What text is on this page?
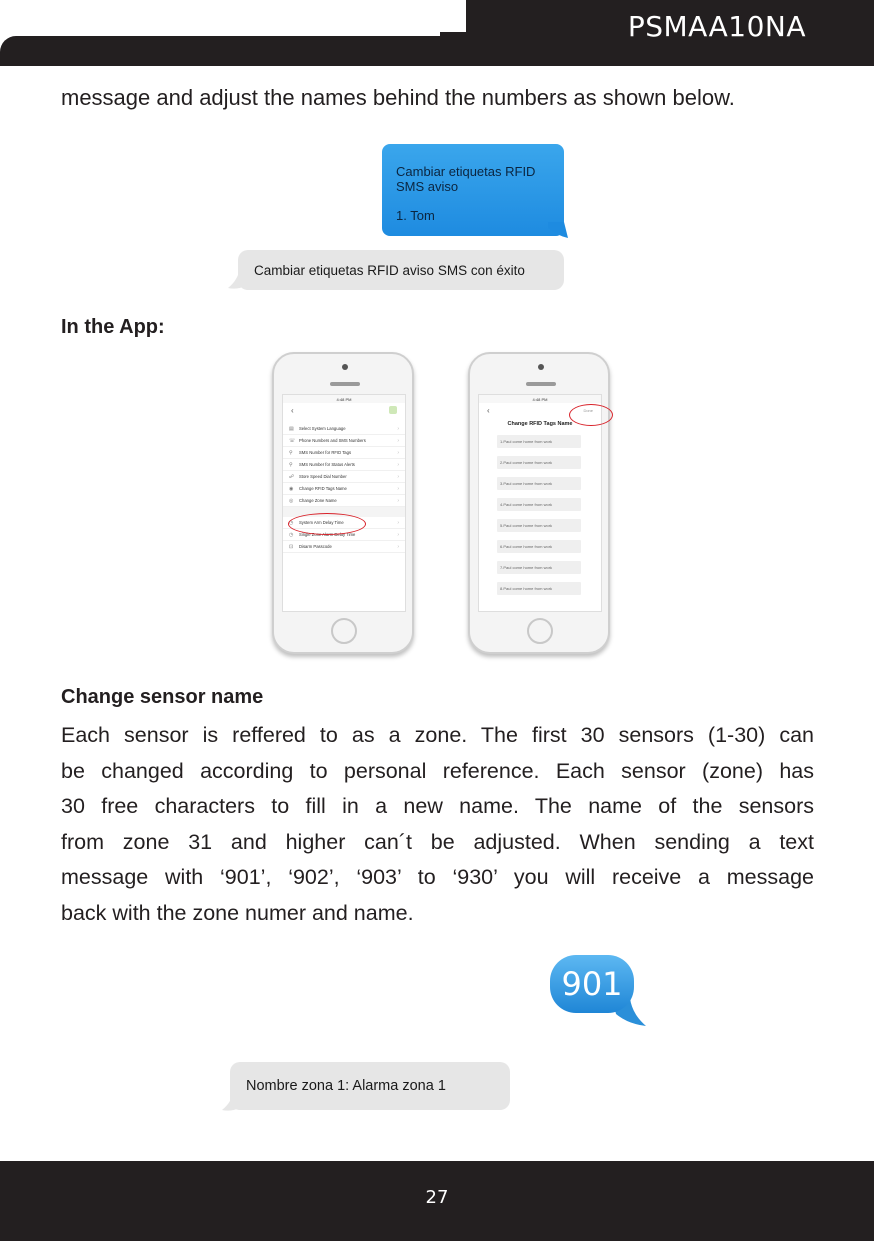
PSMAA10NA
message and adjust the names behind the numbers as shown below.
Cambiar etiquetas RFID
SMS aviso
1. Tom
Cambiar etiquetas RFID aviso SMS con éxito
In the App:
4:48 PM
‹
▤	Select System Language	›
☏ Phone Numbers and SMS Numbers	›
⚲	SMS Number for RFID Tags	›
⚲	SMS Number for Status Alerts	›
☍ Store Speed Dial Number	›
◉	Change RFID Tags Name	›
◎	Change Zone Name	›
◷	System Arm Delay Time	›
◷	Single Zone Alarm Delay Time	›
⊡	Disarm Passcode	›
4:48 PM
‹	Done
Change RFID Tags Name
1.Paul come home from work
2.Paul come home from work
3.Paul come home from work
4.Paul come home from work
5.Paul come home from work
6.Paul come home from work
7.Paul come home from work
8.Paul come home from work
Change sensor name
Each sensor is reffered to as a zone. The first 30 sensors (1-30) can
be changed according to personal reference. Each sensor (zone) has
30 free characters to fill in a new name. The name of the sensors
from zone 31 and higher can´t be adjusted. When sending a text
message with ‘901’, ‘902’, ‘903’ to ‘930’ you will receive a message
back with the zone numer and name.
901
Nombre zona 1: Alarma zona 1
27
